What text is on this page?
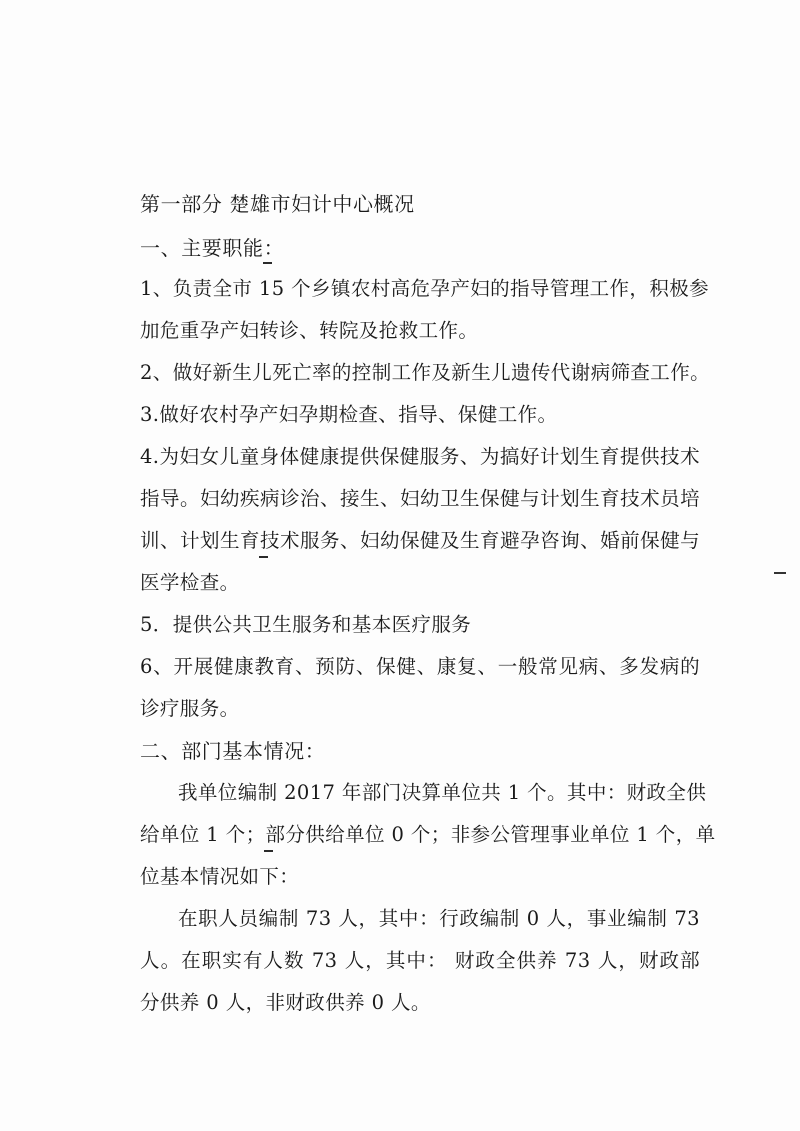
第一部分 楚雄市妇计中心概况
一、主要职能：
1、负责全市 15 个乡镇农村高危孕产妇的指导管理工作，积极参
加危重孕产妇转诊、转院及抢救工作。
2、做好新生儿死亡率的控制工作及新生儿遗传代谢病筛查工作。
3.做好农村孕产妇孕期检查、指导、保健工作。
4.为妇女儿童身体健康提供保健服务、为搞好计划生育提供技术
指导。妇幼疾病诊治、接生、妇幼卫生保健与计划生育技术员培
训、计划生育技术服务、妇幼保健及生育避孕咨询、婚前保健与
医学检查。
5．提供公共卫生服务和基本医疗服务
6、开展健康教育、预防、保健、康复、一般常见病、多发病的
诊疗服务。
二、部门基本情况：
我单位编制 2017 年部门决算单位共 1 个。其中：财政全供
给单位 1 个；部分供给单位 0 个；非参公管理事业单位 1 个，单
位基本情况如下：
在职人员编制 73 人，其中：行政编制 0 人，事业编制 73
人。在职实有人数 73 人，其中： 财政全供养 73 人，财政部
分供养 0 人，非财政供养 0 人。
